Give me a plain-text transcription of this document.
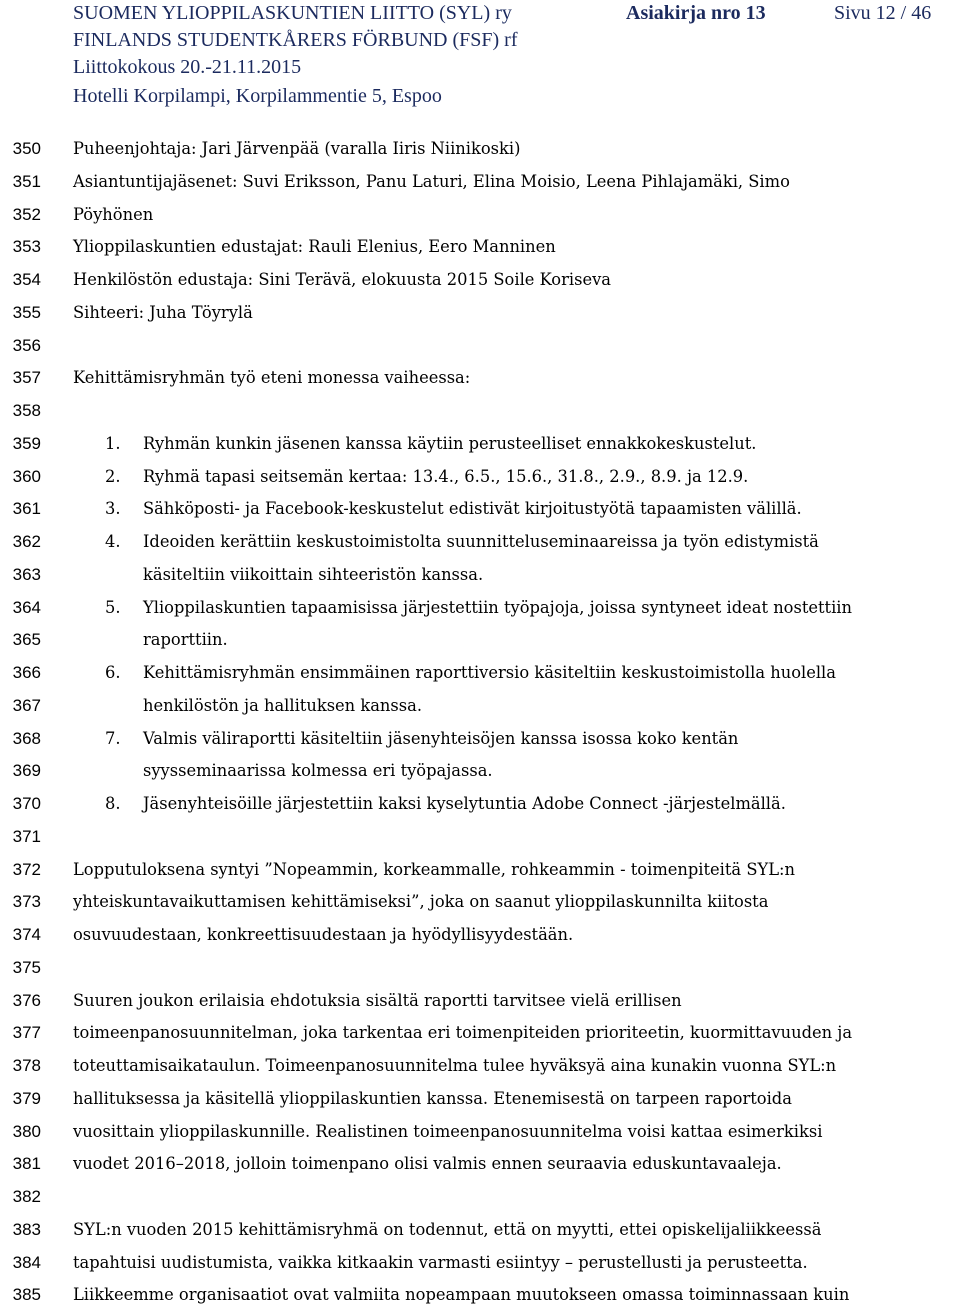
SUOMEN YLIOPPILASKUNTIEN LIITTO (SYL) ry
FINLANDS STUDENTKÅRERS FÖRBUND (FSF) rf
Liittokokous 20.-21.11.2015
Hotelli Korpilampi, Korpilammentie 5, Espoo
Asiakirja nro 13	Sivu 12 / 46
350 Puheenjohtaja: Jari Järvenpää (varalla Iiris Niinikoski)
351 Asiantuntijajäsenet: Suvi Eriksson, Panu Laturi, Elina Moisio, Leena Pihlajamäki, Simo
352 Pöyhönen
353 Ylioppilaskuntien edustajat: Rauli Elenius, Eero Manninen
354 Henkilöstön edustaja: Sini Terävä, elokuusta 2015 Soile Koriseva
355 Sihteeri: Juha Töyrylä
356
357 Kehittämisryhmän työ eteni monessa vaiheessa:
358
359	1. Ryhmän kunkin jäsenen kanssa käytiin perusteelliset ennakkokeskustelut.
360	2. Ryhmä tapasi seitsemän kertaa: 13.4., 6.5., 15.6., 31.8., 2.9., 8.9. ja 12.9.
361	3. Sähköposti- ja Facebook-keskustelut edistivät kirjoitustyötä tapaamisten välillä.
362	4. Ideoiden kerättiin keskustoimistolta suunnitteluseminaareissa ja työn edistymistä
363	käsiteltiin viikoittain sihteeristön kanssa.
364	5. Ylioppilaskuntien tapaamisissa järjestettiin työpajoja, joissa syntyneet ideat nostettiin
365	raporttiin.
366	6. Kehittämisryhmän ensimmäinen raporttiversio käsiteltiin keskustoimistolla huolella
367	henkilöstön ja hallituksen kanssa.
368	7. Valmis väliraportti käsiteltiin jäsenyhteisöjen kanssa isossa koko kentän
369	syysseminaarissa kolmessa eri työpajassa.
370	8. Jäsenyhteisöille järjestettiin kaksi kyselytuntia Adobe Connect -järjestelmällä.
371
372 Lopputuloksena syntyi ”Nopeammin, korkeammalle, rohkeammin - toimenpiteitä SYL:n
373 yhteiskuntavaikuttamisen kehittämiseksi”, joka on saanut ylioppilaskunnilta kiitosta
374 osuvuudestaan, konkreettisuudestaan ja hyödyllisyydestään.
375
376 Suuren joukon erilaisia ehdotuksia sisältä raportti tarvitsee vielä erillisen
377 toimeenpanosuunnitelman, joka tarkentaa eri toimenpiteiden prioriteetin, kuormittavuuden ja
378 toteuttamisaikataulun. Toimeenpanosuunnitelma tulee hyväksyä aina kunakin vuonna SYL:n
379 hallituksessa ja käsitellä ylioppilaskuntien kanssa. Etenemisestä on tarpeen raportoida
380 vuosittain ylioppilaskunnille. Realistinen toimeenpanosuunnitelma voisi kattaa esimerkiksi
381 vuodet 2016–2018, jolloin toimenpano olisi valmis ennen seuraavia eduskuntavaaleja.
382
383 SYL:n vuoden 2015 kehittämisryhmä on todennut, että on myytti, ettei opiskelijaliikkeessä
384 tapahtuisi uudistumista, vaikka kitkaakin varmasti esiintyy – perustellusti ja perusteetta.
385 Liikkeemme organisaatiot ovat valmiita nopeampaan muutokseen omassa toiminnassaan kuin
